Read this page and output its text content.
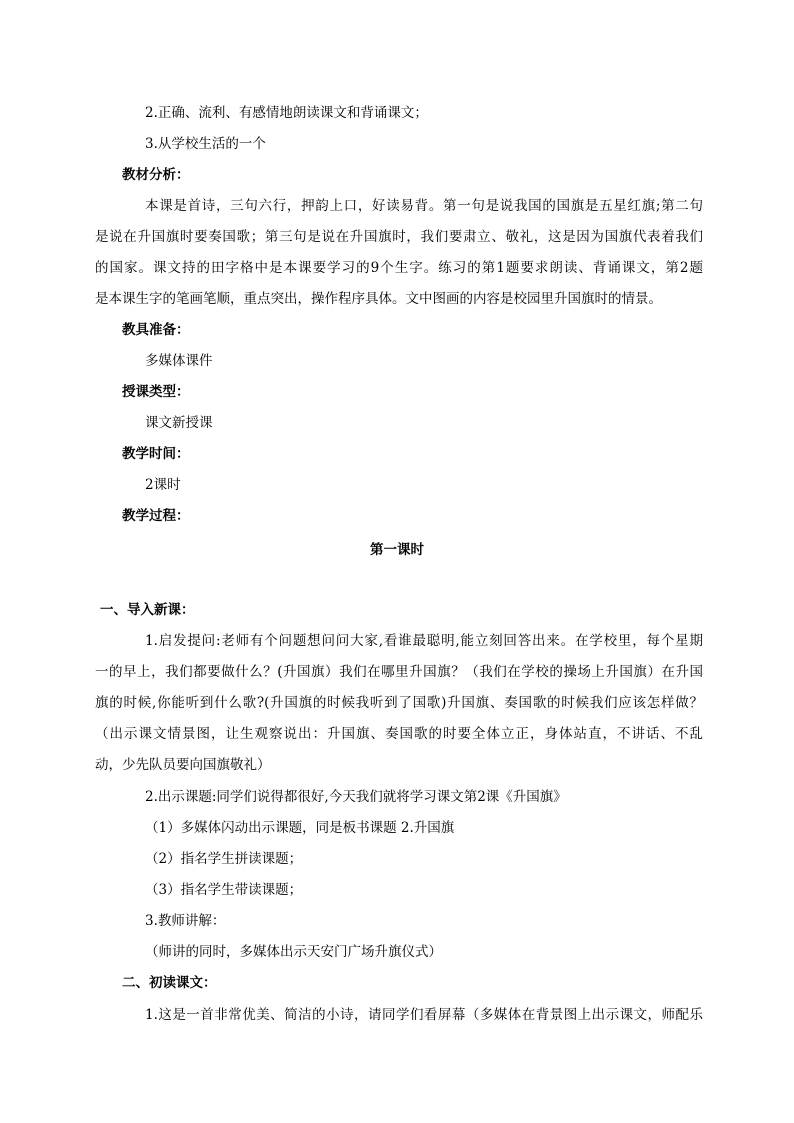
2.正确、流利、有感情地朗读课文和背诵课文；
3.从学校生活的一个
教材分析：
本课是首诗，三句六行，押韵上口，好读易背。第一句是说我国的国旗是五星红旗;第二句
是说在升国旗时要奏国歌；第三句是说在升国旗时，我们要肃立、敬礼，这是因为国旗代表着我们
的国家。课文持的田字格中是本课要学习的9个生字。练习的第1题要求朗读、背诵课文，第2题
是本课生字的笔画笔顺，重点突出，操作程序具体。文中图画的内容是校园里升国旗时的情景。
教具准备：
多媒体课件
授课类型：
课文新授课
教学时间：
2课时
教学过程：
第一课时
一、导入新课：
1.启发提问:老师有个问题想问问大家,看谁最聪明,能立刻回答出来。在学校里，每个星期
一的早上，我们都要做什么？(升国旗）我们在哪里升国旗？（我们在学校的操场上升国旗）在升国
旗的时候,你能听到什么歌?(升国旗的时候我听到了国歌)升国旗、奏国歌的时候我们应该怎样做？
（出示课文情景图，让生观察说出：升国旗、奏国歌的时要全体立正，身体站直，不讲话、不乱
动，少先队员要向国旗敬礼）
2.出示课题:同学们说得都很好,今天我们就将学习课文第2课《升国旗》
（1）多媒体闪动出示课题，同是板书课题 2.升国旗
（2）指名学生拼读课题；
（3）指名学生带读课题；
3.教师讲解：
（师讲的同时，多媒体出示天安门广场升旗仪式）
二、初读课文：
1.这是一首非常优美、简洁的小诗，请同学们看屏幕（多媒体在背景图上出示课文，师配乐
